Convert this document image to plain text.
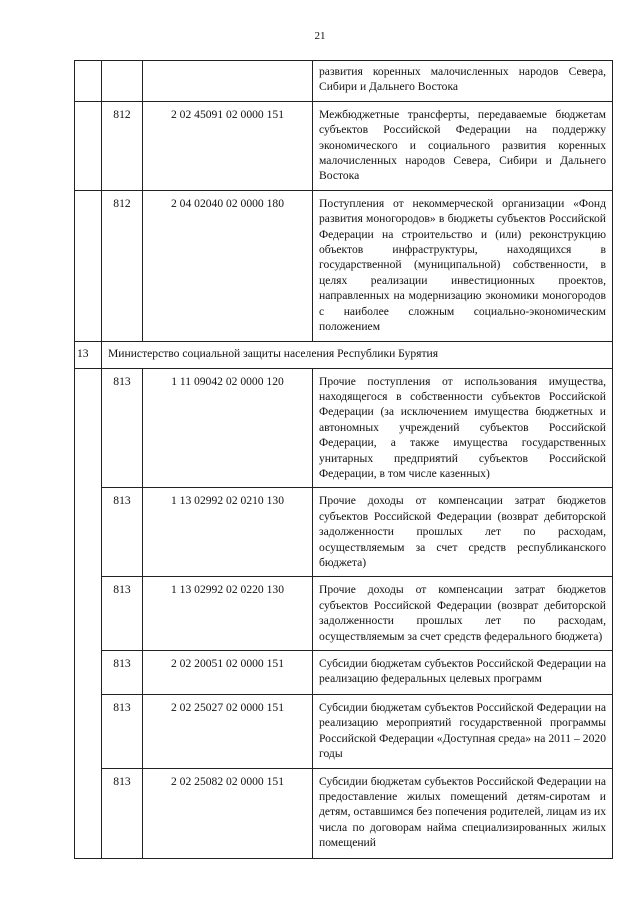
21
			развития коренных малочисленных народов Севера, Сибири и Дальнего Востока
	812	2 02 45091 02 0000 151	Межбюджетные трансферты, передаваемые бюджетам субъектов Российской Федерации на поддержку экономического и социального развития коренных малочисленных народов Севера, Сибири и Дальнего Востока
	812	2 04 02040 02 0000 180	Поступления от некоммерческой организации «Фонд развития моногородов» в бюджеты субъектов Российской Федерации на строительство и (или) реконструкцию объектов инфраструктуры, находящихся в государственной (муниципальной) собственности, в целях реализации инвестиционных проектов, направленных на модернизацию экономики моногородов с наиболее сложным социально-экономическим положением
13	Министерство социальной защиты населения Республики Бурятия		
	813	1 11 09042 02 0000 120	Прочие поступления от использования имущества, находящегося в собственности субъектов Российской Федерации (за исключением имущества бюджетных и автономных учреждений субъектов Российской Федерации, а также имущества государственных унитарных предприятий субъектов Российской Федерации, в том числе казенных)
	813	1 13 02992 02 0210 130	Прочие доходы от компенсации затрат бюджетов субъектов Российской Федерации (возврат дебиторской задолженности прошлых лет по расходам, осуществляемым за счет средств республиканского бюджета)
	813	1 13 02992 02 0220 130	Прочие доходы от компенсации затрат бюджетов субъектов Российской Федерации (возврат дебиторской задолженности прошлых лет по расходам, осуществляемым за счет средств федерального бюджета)
	813	2 02 20051 02 0000 151	Субсидии бюджетам субъектов Российской Федерации на реализацию федеральных целевых программ
	813	2 02 25027 02 0000 151	Субсидии бюджетам субъектов Российской Федерации на реализацию мероприятий государственной программы Российской Федерации «Доступная среда» на 2011 – 2020 годы
	813	2 02 25082 02 0000 151	Субсидии бюджетам субъектов Российской Федерации на предоставление жилых помещений детям-сиротам и детям, оставшимся без попечения родителей, лицам из их числа по договорам найма специализированных жилых помещений
